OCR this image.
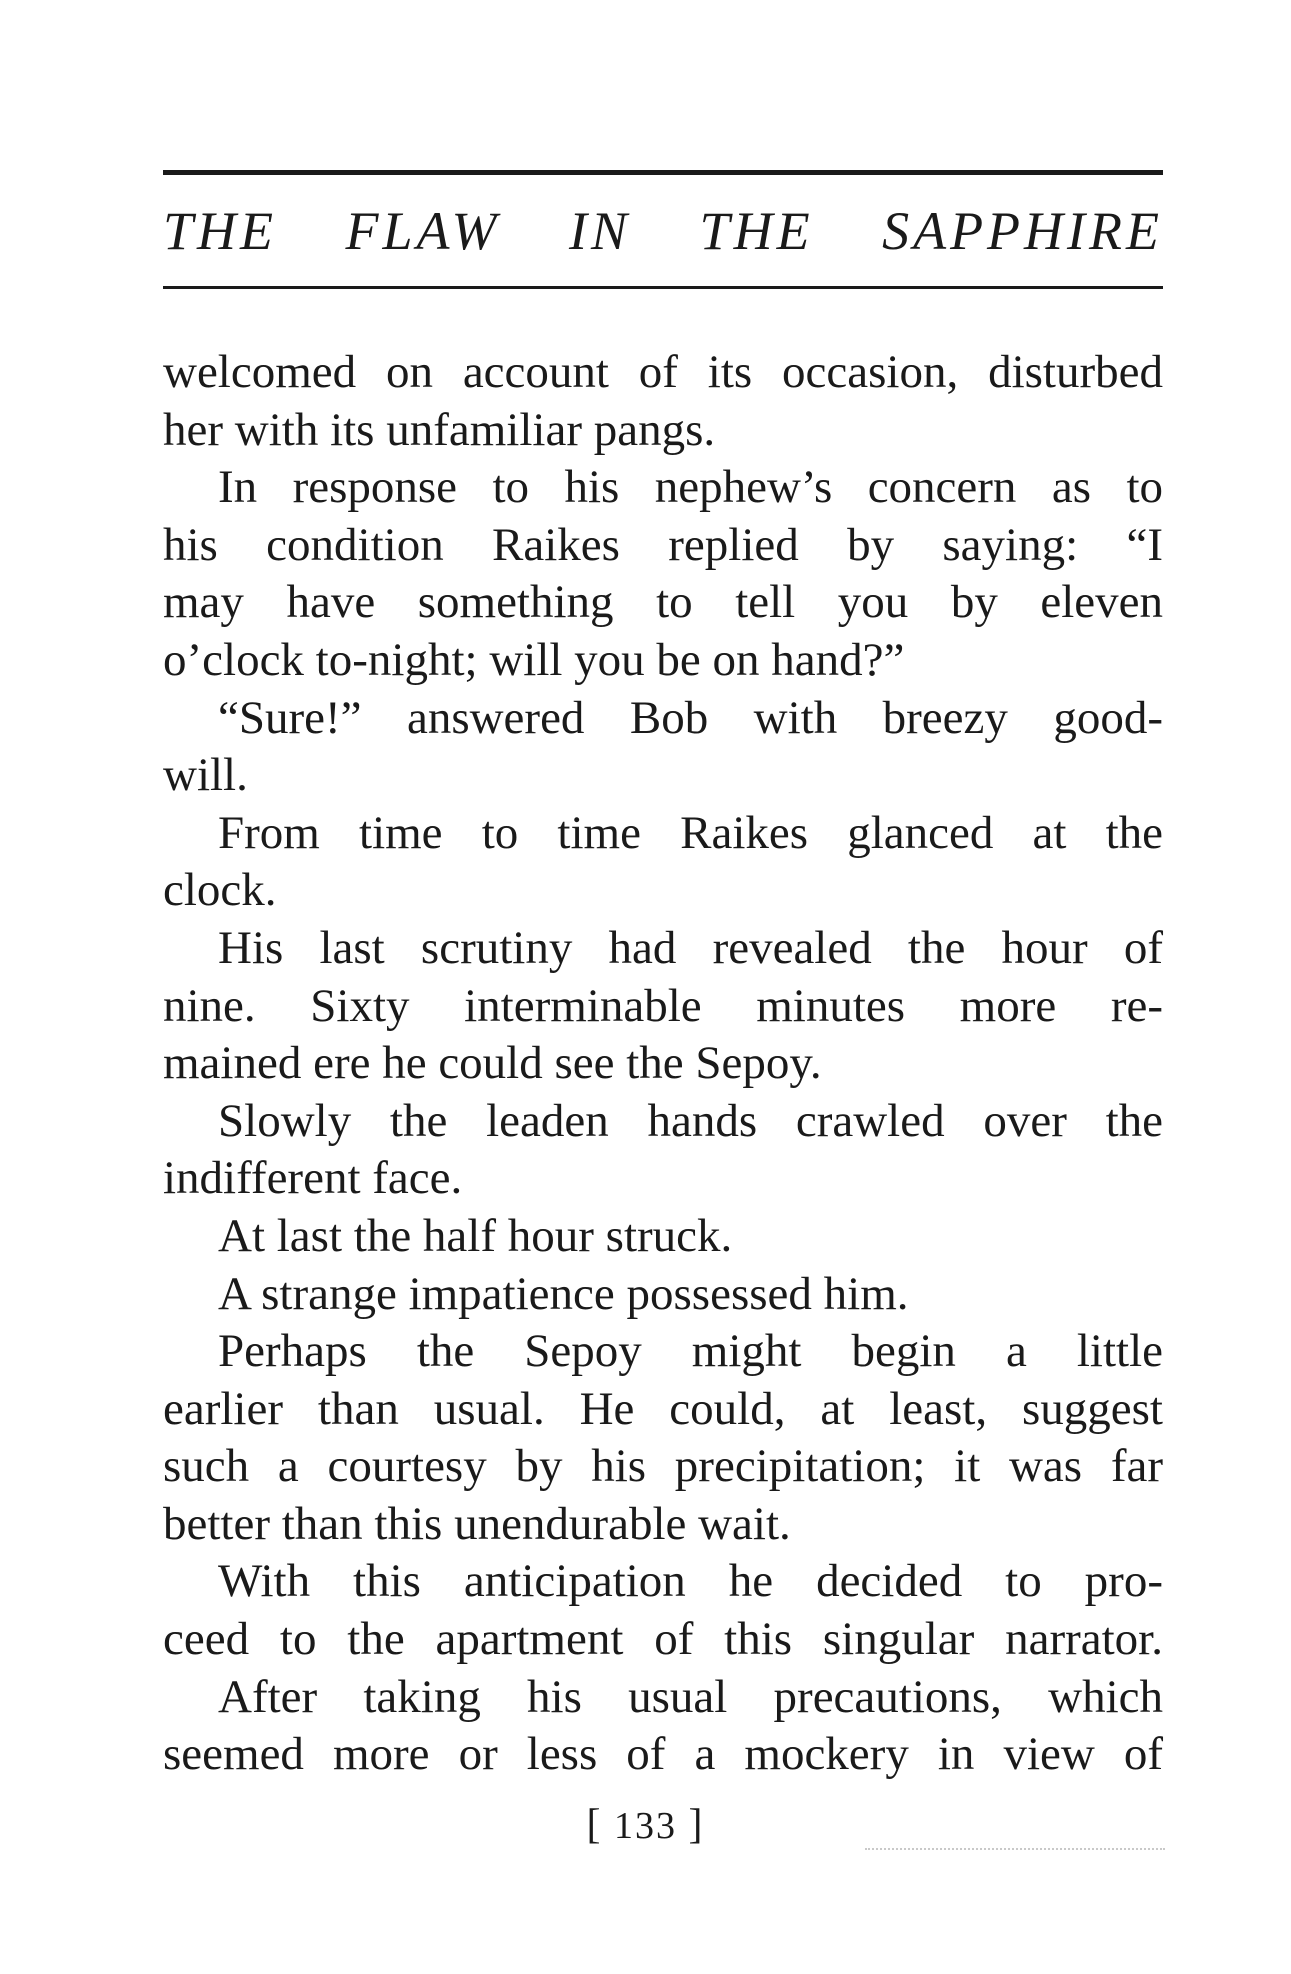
THE FLAW IN THE SAPPHIRE
welcomed on account of its occasion, disturbed
her with its unfamiliar pangs.
In response to his nephew’s concern as to
his condition Raikes replied by saying: “I
may have something to tell you by eleven
o’clock to-night; will you be on hand?”
“Sure!” answered Bob with breezy good-
will.
From time to time Raikes glanced at the
clock.
His last scrutiny had revealed the hour of
nine. Sixty interminable minutes more re-
mained ere he could see the Sepoy.
Slowly the leaden hands crawled over the
indifferent face.
At last the half hour struck.
A strange impatience possessed him.
Perhaps the Sepoy might begin a little
earlier than usual. He could, at least, suggest
such a courtesy by his precipitation; it was far
better than this unendurable wait.
With this anticipation he decided to pro-
ceed to the apartment of this singular narrator.
After taking his usual precautions, which
seemed more or less of a mockery in view of
[ 133 ]
